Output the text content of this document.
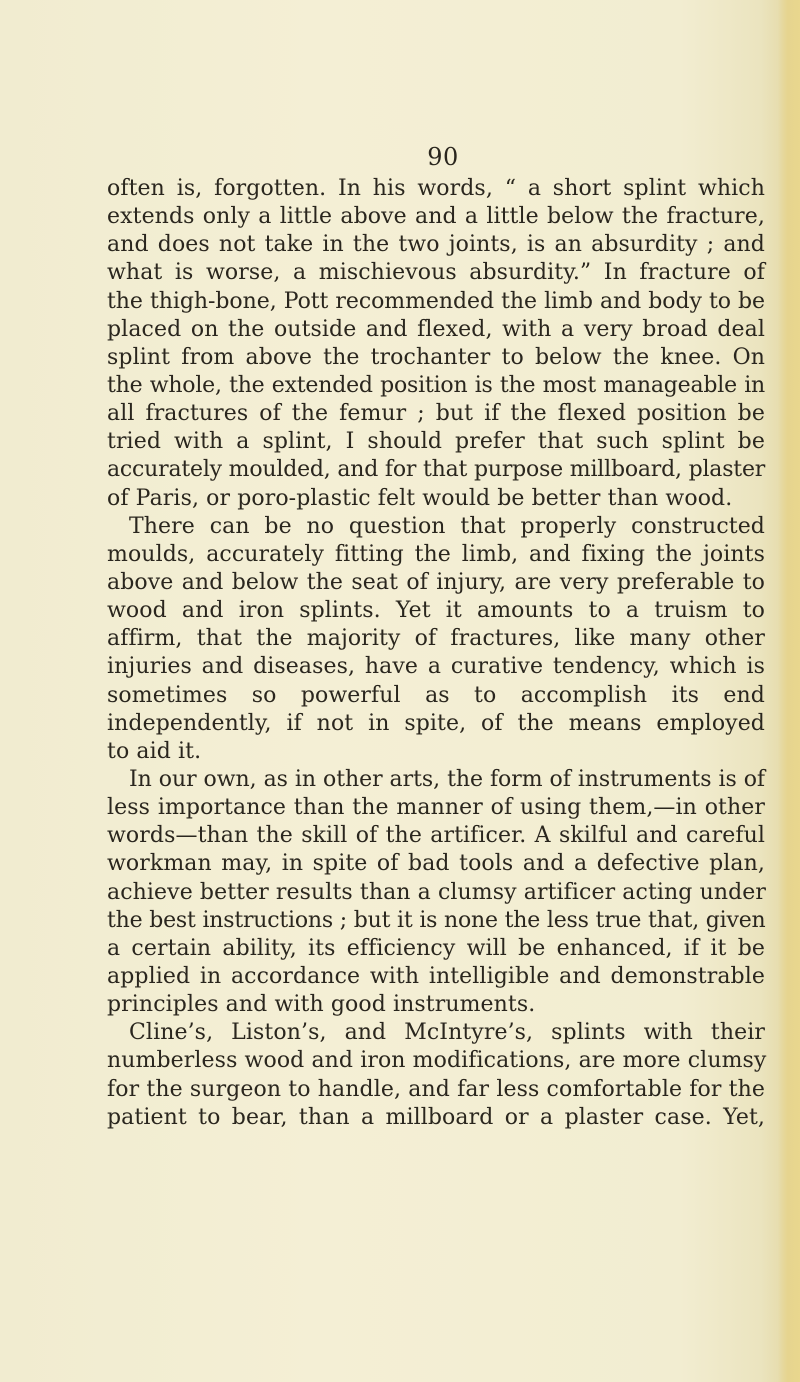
90
often is, forgotten. In his words, “ a short splint which
extends only a little above and a little below the fracture,
and does not take in the two joints, is an absurdity ; and
what is worse, a mischievous absurdity.” In fracture of
the thigh-bone, Pott recommended the limb and body to be
placed on the outside and flexed, with a very broad deal
splint from above the trochanter to below the knee. On
the whole, the extended position is the most manageable in
all fractures of the femur ; but if the flexed position be
tried with a splint, I should prefer that such splint be
accurately moulded, and for that purpose millboard, plaster
of Paris, or poro-plastic felt would be better than wood.
There can be no question that properly constructed
moulds, accurately fitting the limb, and fixing the joints
above and below the seat of injury, are very preferable to
wood and iron splints. Yet it amounts to a truism to
affirm, that the majority of fractures, like many other
injuries and diseases, have a curative tendency, which is
sometimes so powerful as to accomplish its end
independently, if not in spite, of the means employed
to aid it.
In our own, as in other arts, the form of instruments is of
less importance than the manner of using them,—in other
words—than the skill of the artificer. A skilful and careful
workman may, in spite of bad tools and a defective plan,
achieve better results than a clumsy artificer acting under
the best instructions ; but it is none the less true that, given
a certain ability, its efficiency will be enhanced, if it be
applied in accordance with intelligible and demonstrable
principles and with good instruments.
Cline’s, Liston’s, and McIntyre’s, splints with their
numberless wood and iron modifications, are more clumsy
for the surgeon to handle, and far less comfortable for the
patient to bear, than a millboard or a plaster case. Yet,
